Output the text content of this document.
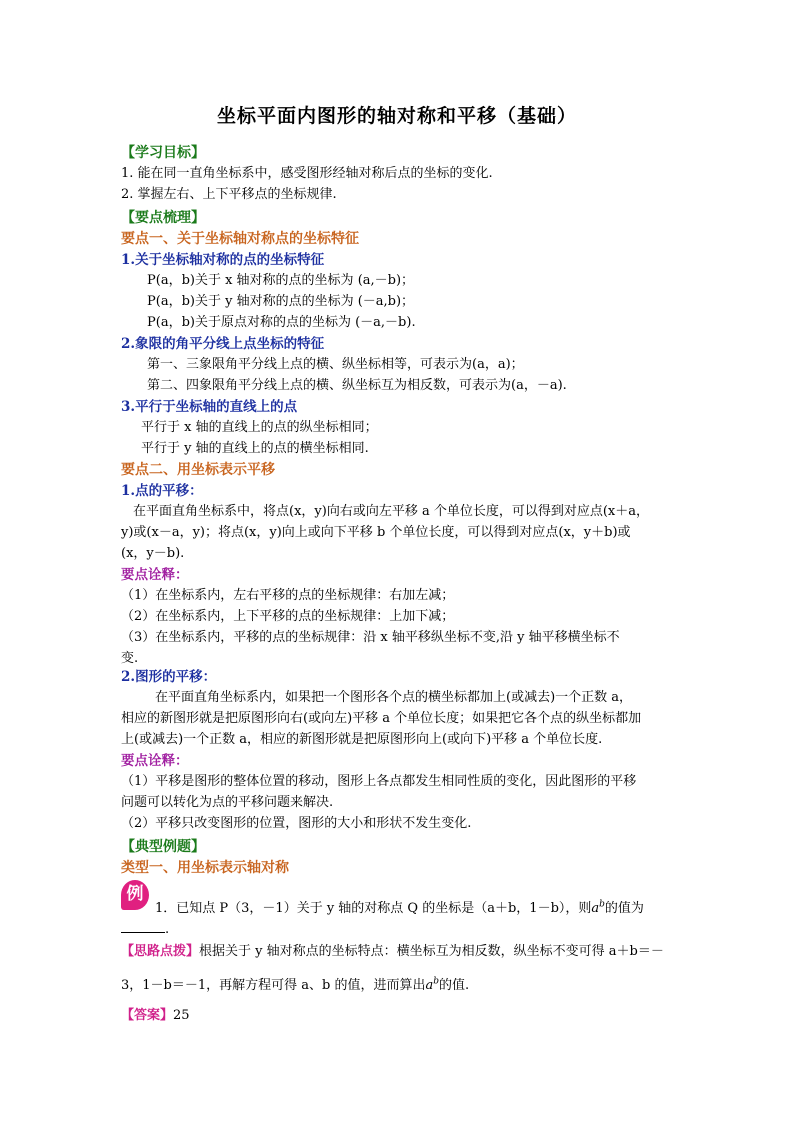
坐标平面内图形的轴对称和平移（基础）
【学习目标】
1. 能在同一直角坐标系中，感受图形经轴对称后点的坐标的变化.
2. 掌握左右、上下平移点的坐标规律.
【要点梳理】
要点一、关于坐标轴对称点的坐标特征
1.关于坐标轴对称的点的坐标特征
P(a，b)关于 x 轴对称的点的坐标为 (a,－b)；
P(a，b)关于 y 轴对称的点的坐标为 (－a,b)；
P(a，b)关于原点对称的点的坐标为 (－a,－b).
2.象限的角平分线上点坐标的特征
第一、三象限角平分线上点的横、纵坐标相等，可表示为(a，a)；
第二、四象限角平分线上点的横、纵坐标互为相反数，可表示为(a，－a).
3.平行于坐标轴的直线上的点
平行于 x 轴的直线上的点的纵坐标相同；
平行于 y 轴的直线上的点的横坐标相同.
要点二、用坐标表示平移
1.点的平移：
在平面直角坐标系中，将点(x，y)向右或向左平移 a 个单位长度，可以得到对应点(x＋a，
y)或(x－a，y)；将点(x，y)向上或向下平移 b 个单位长度，可以得到对应点(x，y＋b)或
(x，y－b).
要点诠释：
（1）在坐标系内，左右平移的点的坐标规律：右加左减；
（2）在坐标系内，上下平移的点的坐标规律：上加下减；
（3）在坐标系内，平移的点的坐标规律：沿 x 轴平移纵坐标不变,沿 y 轴平移横坐标不
变.
2.图形的平移：
在平面直角坐标系内，如果把一个图形各个点的横坐标都加上(或减去)一个正数 a，
相应的新图形就是把原图形向右(或向左)平移 a 个单位长度；如果把它各个点的纵坐标都加
上(或减去)一个正数 a，相应的新图形就是把原图形向上(或向下)平移 a 个单位长度.
要点诠释：
（1）平移是图形的整体位置的移动，图形上各点都发生相同性质的变化，因此图形的平移
问题可以转化为点的平移问题来解决.
（2）平移只改变图形的位置，图形的大小和形状不发生变化.
【典型例题】
类型一、用坐标表示轴对称
例
1．已知点 P（3，－1）关于 y 轴的对称点 Q 的坐标是（a＋b，1－b），则$a^b$的值为
.
【思路点拨】根据关于 y 轴对称点的坐标特点：横坐标互为相反数，纵坐标不变可得 a＋b＝－
3，1－b＝－1，再解方程可得 a、b 的值，进而算出$a^b$的值.
【答案】25
